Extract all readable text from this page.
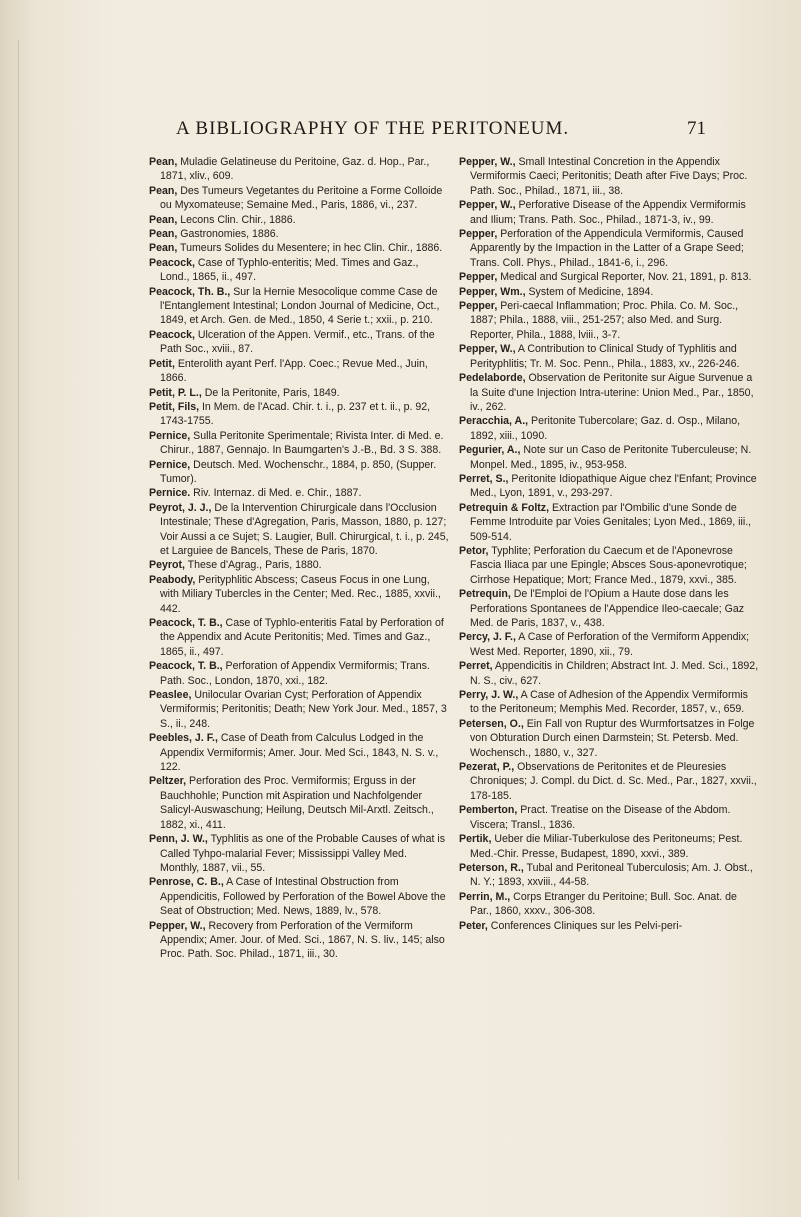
A BIBLIOGRAPHY OF THE PERITONEUM.	71

Pean, Muladie Gelatineuse du Peritoine, Gaz. d. Hop., Par., 1871, xliv., 609.

Pean, Des Tumeurs Vegetantes du Peritoine a Forme Colloide ou Myxomateuse; Semaine Med., Paris, 1886, vi., 237.

Pean, Lecons Clin. Chir., 1886.

Pean, Gastronomies, 1886.

Pean, Tumeurs Solides du Mesentere; in hec Clin. Chir., 1886.

Peacock, Case of Typhlo-enteritis; Med. Times and Gaz., Lond., 1865, ii., 497.

Peacock, Th. B., Sur la Hernie Mesocolique comme Case de l'Entanglement Intestinal; London Journal of Medicine, Oct., 1849, et Arch. Gen. de Med., 1850, 4 Serie t.; xxii., p. 210.

Peacock, Ulceration of the Appen. Vermif., etc., Trans. of the Path Soc., xviii., 87.

Petit, Enterolith ayant Perf. l'App. Coec.; Revue Med., Juin, 1866.

Petit, P. L., De la Peritonite, Paris, 1849.

Petit, Fils, In Mem. de l'Acad. Chir. t. i., p. 237 et t. ii., p. 92, 1743-1755.

Pernice, Sulla Peritonite Sperimentale; Rivista Inter. di Med. e. Chirur., 1887, Gennajo. In Baumgarten's J.-B., Bd. 3 S. 388.

Pernice, Deutsch. Med. Wochenschr., 1884, p. 850, (Supper. Tumor).

Pernice. Riv. Internaz. di Med. e. Chir., 1887.

Peyrot, J. J., De la Intervention Chirurgicale dans l'Occlusion Intestinale; These d'Agregation, Paris, Masson, 1880, p. 127; Voir Aussi a ce Sujet; S. Laugier, Bull. Chirurgical, t. i., p. 245, et Larguiee de Bancels, These de Paris, 1870.

Peyrot, These d'Agrag., Paris, 1880.

Peabody, Perityphlitic Abscess; Caseus Focus in one Lung, with Miliary Tubercles in the Center; Med. Rec., 1885, xxvii., 442.

Peacock, T. B., Case of Typhlo-enteritis Fatal by Perforation of the Appendix and Acute Peritonitis; Med. Times and Gaz., 1865, ii., 497.

Peacock, T. B., Perforation of Appendix Vermiformis; Trans. Path. Soc., London, 1870, xxi., 182.

Peaslee, Unilocular Ovarian Cyst; Perforation of Appendix Vermiformis; Peritonitis; Death; New York Jour. Med., 1857, 3 S., ii., 248.

Peebles, J. F., Case of Death from Calculus Lodged in the Appendix Vermiformis; Amer. Jour. Med Sci., 1843, N. S. v., 122.

Peltzer, Perforation des Proc. Vermiformis; Erguss in der Bauchhohle; Punction mit Aspiration und Nachfolgender Salicyl-Auswaschung; Heilung, Deutsch Mil-Arxtl. Zeitsch., 1882, xi., 411.

Penn, J. W., Typhlitis as one of the Probable Causes of what is Called Tyhpo-malarial Fever; Mississippi Valley Med. Monthly, 1887, vii., 55.

Penrose, C. B., A Case of Intestinal Obstruction from Appendicitis, Followed by Perforation of the Bowel Above the Seat of Obstruction; Med. News, 1889, lv., 578.

Pepper, W., Recovery from Perforation of the Vermiform Appendix; Amer. Jour. of Med. Sci., 1867, N. S. liv., 145; also Proc. Path. Soc. Philad., 1871, iii., 30.

Pepper, W., Small Intestinal Concretion in the Appendix Vermiformis Caeci; Peritonitis; Death after Five Days; Proc. Path. Soc., Philad., 1871, iii., 38.

Pepper, W., Perforative Disease of the Appendix Vermiformis and Ilium; Trans. Path. Soc., Philad., 1871-3, iv., 99.

Pepper, Perforation of the Appendicula Vermiformis, Caused Apparently by the Impaction in the Latter of a Grape Seed; Trans. Coll. Phys., Philad., 1841-6, i., 296.

Pepper, Medical and Surgical Reporter, Nov. 21, 1891, p. 813.

Pepper, Wm., System of Medicine, 1894.

Pepper, Peri-caecal Inflammation; Proc. Phila. Co. M. Soc., 1887; Phila., 1888, viii., 251-257; also Med. and Surg. Reporter, Phila., 1888, lviii., 3-7.

Pepper, W., A Contribution to Clinical Study of Typhlitis and Perityphlitis; Tr. M. Soc. Penn., Phila., 1883, xv., 226-246.

Pedelaborde, Observation de Peritonite sur Aigue Survenue a la Suite d'une Injection Intra-uterine: Union Med., Par., 1850, iv., 262.

Peracchia, A., Peritonite Tubercolare; Gaz. d. Osp., Milano, 1892, xiii., 1090.

Pegurier, A., Note sur un Caso de Peritonite Tuberculeuse; N. Monpel. Med., 1895, iv., 953-958.

Perret, S., Peritonite Idiopathique Aigue chez l'Enfant; Province Med., Lyon, 1891, v., 293-297.

Petrequin & Foltz, Extraction par l'Ombilic d'une Sonde de Femme Introduite par Voies Genitales; Lyon Med., 1869, iii., 509-514.

Petor, Typhlite; Perforation du Caecum et de l'Aponevrose Fascia Iliaca par une Epingle; Absces Sous-aponevrotique; Cirrhose Hepatique; Mort; France Med., 1879, xxvi., 385.

Petrequin, De l'Emploi de l'Opium a Haute dose dans les Perforations Spontanees de l'Appendice Ileo-caecale; Gaz Med. de Paris, 1837, v., 438.

Percy, J. F., A Case of Perforation of the Vermiform Appendix; West Med. Reporter, 1890, xii., 79.

Perret, Appendicitis in Children; Abstract Int. J. Med. Sci., 1892, N. S., civ., 627.

Perry, J. W., A Case of Adhesion of the Appendix Vermiformis to the Peritoneum; Memphis Med. Recorder, 1857, v., 659.

Petersen, O., Ein Fall von Ruptur des Wurmfortsatzes in Folge von Obturation Durch einen Darmstein; St. Petersb. Med. Wochensch., 1880, v., 327.

Pezerat, P., Observations de Peritonites et de Pleuresies Chroniques; J. Compl. du Dict. d. Sc. Med., Par., 1827, xxvii., 178-185.

Pemberton, Pract. Treatise on the Disease of the Abdom. Viscera; Transl., 1836.

Pertik, Ueber die Miliar-Tuberkulose des Peritoneums; Pest. Med.-Chir. Presse, Budapest, 1890, xxvi., 389.

Peterson, R., Tubal and Peritoneal Tuberculosis; Am. J. Obst., N. Y.; 1893, xxviii., 44-58.

Perrin, M., Corps Etranger du Peritoine; Bull. Soc. Anat. de Par., 1860, xxxv., 306-308.

Peter, Conferences Cliniques sur les Pelvi-peri-
